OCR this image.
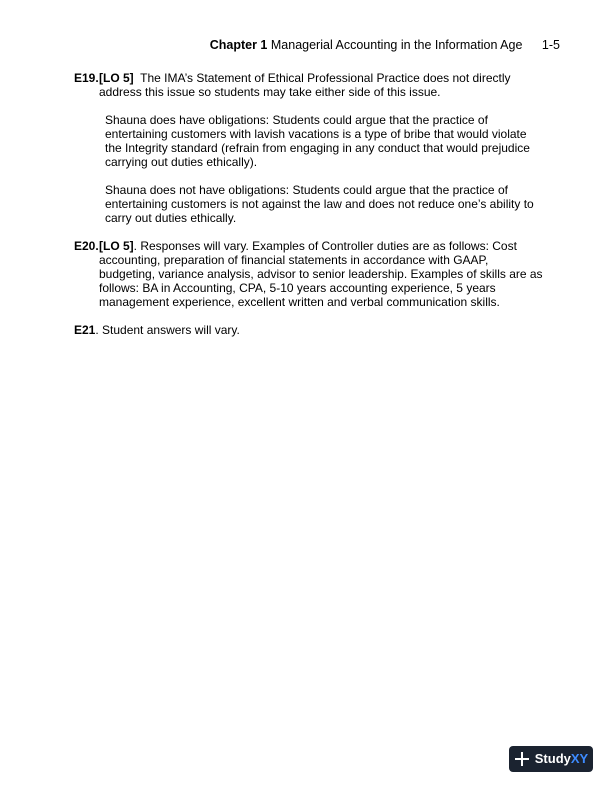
Chapter 1 Managerial Accounting in the Information Age 1-5
E19. [LO 5] The IMA’s Statement of Ethical Professional Practice does not directly address this issue so students may take either side of this issue.
Shauna does have obligations: Students could argue that the practice of entertaining customers with lavish vacations is a type of bribe that would violate the Integrity standard (refrain from engaging in any conduct that would prejudice carrying out duties ethically).
Shauna does not have obligations: Students could argue that the practice of entertaining customers is not against the law and does not reduce one’s ability to carry out duties ethically.
E20. [LO 5]. Responses will vary. Examples of Controller duties are as follows: Cost accounting, preparation of financial statements in accordance with GAAP, budgeting, variance analysis, advisor to senior leadership. Examples of skills are as follows: BA in Accounting, CPA, 5-10 years accounting experience, 5 years management experience, excellent written and verbal communication skills.
E21. Student answers will vary.
Study XY
